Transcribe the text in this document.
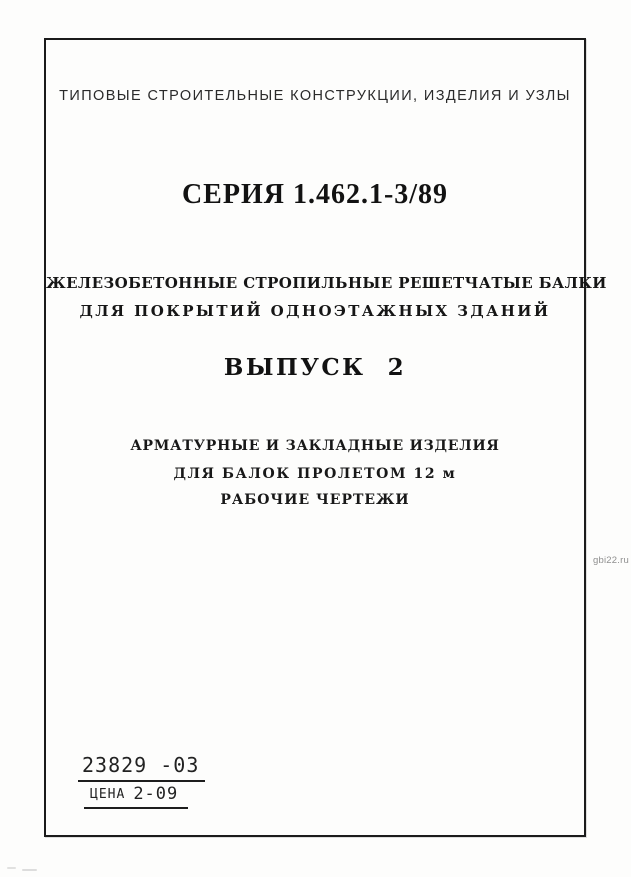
ТИПОВЫЕ СТРОИТЕЛЬНЫЕ КОНСТРУКЦИИ, ИЗДЕЛИЯ И УЗЛЫ
СЕРИЯ 1.462.1-3/89
ЖЕЛЕЗОБЕТОННЫЕ СТРОПИЛЬНЫЕ РЕШЕТЧАТЫЕ БАЛКИ
ДЛЯ ПОКРЫТИЙ ОДНОЭТАЖНЫХ ЗДАНИЙ
ВЫПУСК 2
АРМАТУРНЫЕ И ЗАКЛАДНЫЕ ИЗДЕЛИЯ
ДЛЯ БАЛОК ПРОЛЕТОМ 12 м
РАБОЧИЕ ЧЕРТЕЖИ
23829 -03
ЦЕНА 2-09
gbi22.ru
